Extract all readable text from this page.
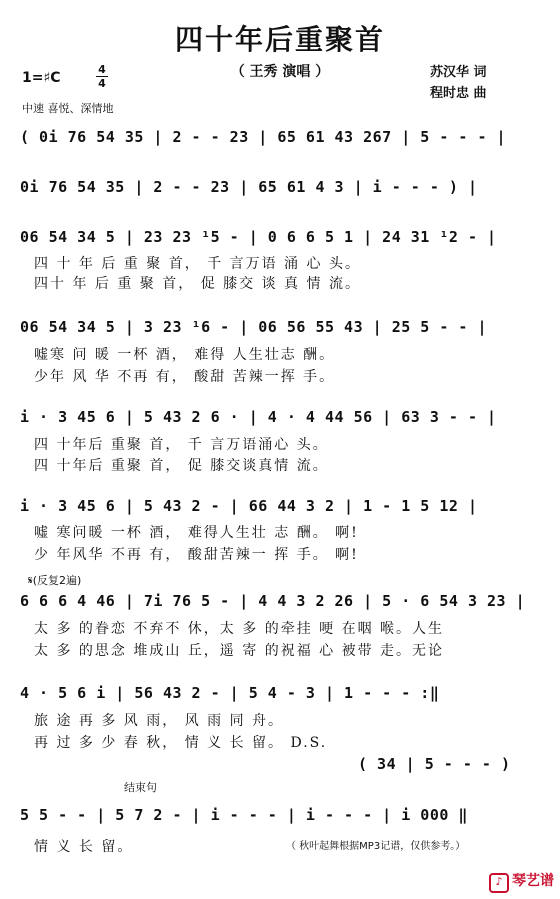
四十年后重聚首
（ 王秀 演唱 ）	苏汉华 词
程时忠 曲
1=♯C
4
4
中速 喜悦、深情地
( 0i 76 54 35 | 2 - - 23 | 65 61 43 267 | 5 - - - |
0i 76 54 35 | 2 - - 23 | 65 61 4 3 | i - - - ) |
06 54 34 5 | 23 23 ¹5 - | 0 6 6 5 1 | 24 31 ¹2 - |
四 十 年 后 重 聚 首， 千 言万语 涌 心 头。
四十 年 后 重 聚 首， 促 膝交 谈 真 情 流。
06 54 34 5 | 3 23 ¹6 - | 06 56 55 43 | 25 5 - - |
嘘寒 问 暖 一杯 酒， 难得 人生壮志 酬。
少年 风 华 不再 有， 酸甜 苦辣一挥 手。
i · 3 45 6 | 5 43 2 6 · | 4 · 4 44 56 | 63 3 - - |
四 十年后 重聚 首， 千 言万语涌心 头。
四 十年后 重聚 首， 促 膝交谈真情 流。
i · 3 45 6 | 5 43 2 - | 66 44 3 2 | 1 - 1 5 12 |
嘘 寒问暖 一杯 酒， 难得人生壮 志 酬。 啊!
少 年风华 不再 有， 酸甜苦辣一 挥 手。 啊!
𝄋(反复2遍)
6 6 6 4 46 | 7i 76 5 - | 4 4 3 2 26 | 5 · 6 54 3 23 |
太 多 的眷恋 不弃不 休，太 多 的牵挂 哽 在咽 喉。人生
太 多 的思念 堆成山 丘，遥 寄 的祝福 心 被带 走。无论
4 · 5 6 i | 56 43 2 - | 5 4 - 3 | 1 - - - :‖
旅 途 再 多 风 雨， 风 雨 同 舟。
再 过 多 少 春 秋， 情 义 长 留。 D.S.
( 34 | 5 - - - )
结束句
5 5 - - | 5 7 2 - | i - - - | i - - - | i 000 ‖
情 义 长 留。	（ 秋叶起舞根据MP3记谱，仅供参考。）
♪ 琴艺谱
